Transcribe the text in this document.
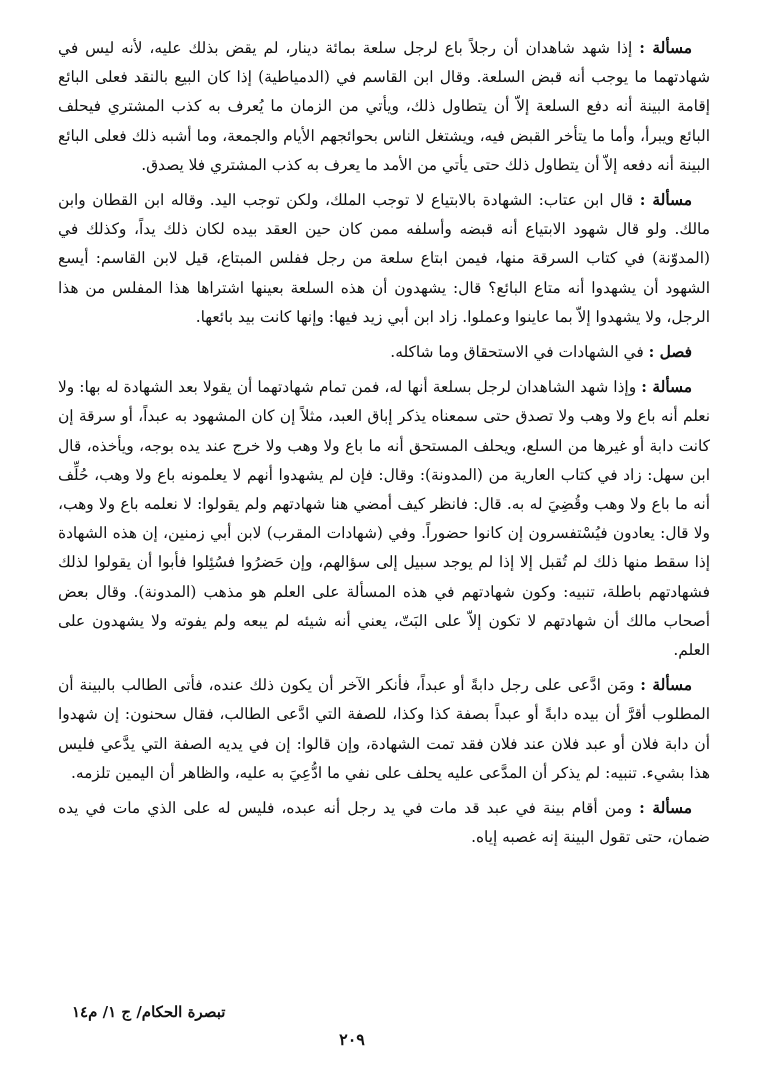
مسألة : إذا شهد شاهدان أن رجلاً باع لرجل سلعة بمائة دينار، لم يقض بذلك عليه، لأنه ليس في شهادتهما ما يوجب أنه قبض السلعة. وقال ابن القاسم في (الدمياطية) إذا كان البيع بالنقد فعلى البائع إقامة البينة أنه دفع السلعة إلاّ أن يتطاول ذلك، ويأتي من الزمان ما يُعرف به كذب المشتري فيحلف البائع ويبرأ، وأما ما يتأخر القبض فيه، ويشتغل الناس بحوائجهم الأيام والجمعة، وما أشبه ذلك فعلى البائع البينة أنه دفعه إلاّ أن يتطاول ذلك حتى يأتي من الأمد ما يعرف به كذب المشتري فلا يصدق.

مسألة : قال ابن عتاب: الشهادة بالابتياع لا توجب الملك، ولكن توجب اليد. وقاله ابن القطان وابن مالك. ولو قال شهود الابتياع أنه قبضه وأسلفه ممن كان حين العقد بيده لكان ذلك يداً، وكذلك في (المدوّنة) في كتاب السرقة منها، فيمن ابتاع سلعة من رجل ففلس المبتاع، قيل لابن القاسم: أيسع الشهود أن يشهدوا أنه متاع البائع؟ قال: يشهدون أن هذه السلعة بعينها اشتراها هذا المفلس من هذا الرجل، ولا يشهدوا إلاّ بما عاينوا وعملوا. زاد ابن أبي زيد فيها: وإنها كانت بيد بائعها.

فصل : في الشهادات في الاستحقاق وما شاكله.

مسألة : وإذا شهد الشاهدان لرجل بسلعة أنها له، فمن تمام شهادتهما أن يقولا بعد الشهادة له بها: ولا نعلم أنه باع ولا وهب ولا تصدق حتى سمعناه يذكر إباق العبد، مثلاً إن كان المشهود به عبداً، أو سرقة إن كانت دابة أو غيرها من السلع، ويحلف المستحق أنه ما باع ولا وهب ولا خرج عند يده بوجه، ويأخذه، قال ابن سهل: زاد في كتاب العارية من (المدونة): وقال: فإن لم يشهدوا أنهم لا يعلمونه باع ولا وهب، حُلِّف أنه ما باع ولا وهب وقُضِيَ له به. قال: فانظر كيف أمضي هنا شهادتهم ولم يقولوا: لا نعلمه باع ولا وهب، ولا قال: يعادون فيُسْتفسرون إن كانوا حضوراً. وفي (شهادات المقرب) لابن أبي زمنين، إن هذه الشهادة إذا سقط منها ذلك لم تُقبل إلا إذا لم يوجد سبيل إلى سؤالهم، وإن حَضرُوا فسُئِلوا فأبوا أن يقولوا لذلك فشهادتهم باطلة، تنبيه: وكون شهادتهم في هذه المسألة على العلم هو مذهب (المدونة). وقال بعض أصحاب مالك أن شهادتهم لا تكون إلاّ على البَتّ، يعني أنه شيئه لم يبعه ولم يفوته ولا يشهدون على العلم.

مسألة : ومَن ادَّعى على رجل دابةً أو عبداً، فأنكر الآخر أن يكون ذلك عنده، فأتى الطالب بالبينة أن المطلوب أقرَّ أن بيده دابةً أو عبداً بصفة كذا وكذا، للصفة التي ادَّعى الطالب، فقال سحنون: إن شهدوا أن دابة فلان أو عبد فلان عند فلان فقد تمت الشهادة، وإن قالوا: إن في يديه الصفة التي يدَّعي فليس هذا بشيء. تنبيه: لم يذكر أن المدَّعى عليه يحلف على نفي ما ادُّعِيَ به عليه، والظاهر أن اليمين تلزمه.

مسألة : ومن أقام بينة في عبد قد مات في يد رجل أنه عبده، فليس له على الذي مات في يده ضمان، حتى تقول البينة إنه غصبه إياه.

تبصرة الحكام/ ج ١/ م١٤
٢٠٩
